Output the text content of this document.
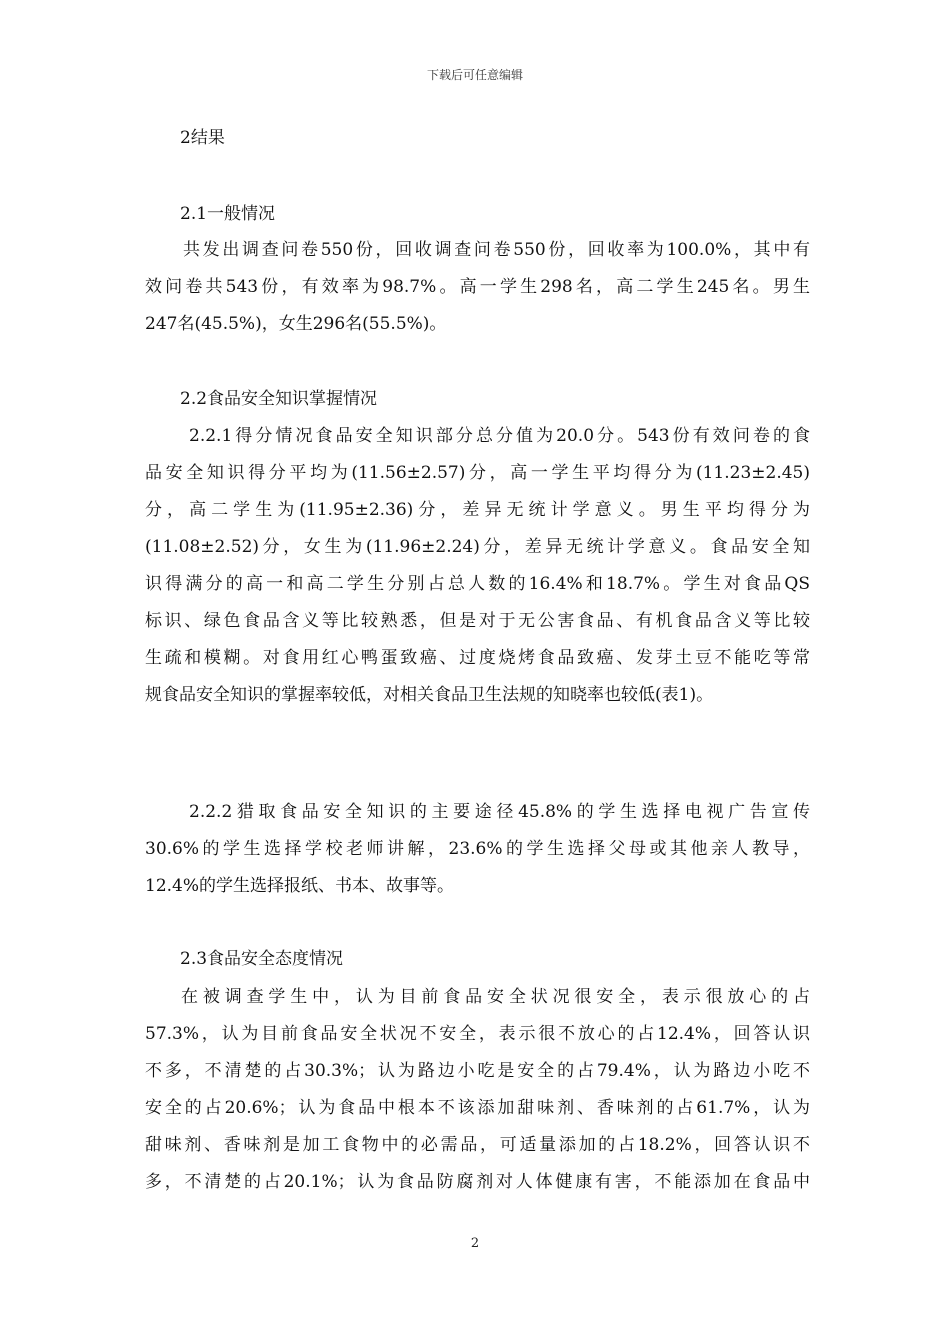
下载后可任意编辑
2结果
2.1一般情况
共发出调查问卷550份，回收调查问卷550份，回收率为100.0%，其中有
效问卷共543份，有效率为98.7%。高一学生298名，高二学生245名。男生
247名(45.5%)，女生296名(55.5%)。
2.2食品安全知识掌握情况
2.2.1得分情况食品安全知识部分总分值为20.0分。543份有效问卷的食
品安全知识得分平均为(11.56±2.57)分，高一学生平均得分为(11.23±2.45)
分，高二学生为(11.95±2.36)分，差异无统计学意义。男生平均得分为
(11.08±2.52)分，女生为(11.96±2.24)分，差异无统计学意义。食品安全知
识得满分的高一和高二学生分别占总人数的16.4%和18.7%。学生对食品QS
标识、绿色食品含义等比较熟悉，但是对于无公害食品、有机食品含义等比较
生疏和模糊。对食用红心鸭蛋致癌、过度烧烤食品致癌、发芽土豆不能吃等常
规食品安全知识的掌握率较低，对相关食品卫生法规的知晓率也较低(表1)。
2.2.2猎取食品安全知识的主要途径45.8%的学生选择电视广告宣传
30.6%的学生选择学校老师讲解，23.6%的学生选择父母或其他亲人教导，
12.4%的学生选择报纸、书本、故事等。
2.3食品安全态度情况
在被调查学生中，认为目前食品安全状况很安全，表示很放心的占
57.3%，认为目前食品安全状况不安全，表示很不放心的占12.4%，回答认识
不多，不清楚的占30.3%；认为路边小吃是安全的占79.4%，认为路边小吃不
安全的占20.6%；认为食品中根本不该添加甜味剂、香味剂的占61.7%，认为
甜味剂、香味剂是加工食物中的必需品，可适量添加的占18.2%，回答认识不
多，不清楚的占20.1%；认为食品防腐剂对人体健康有害，不能添加在食品中
2
